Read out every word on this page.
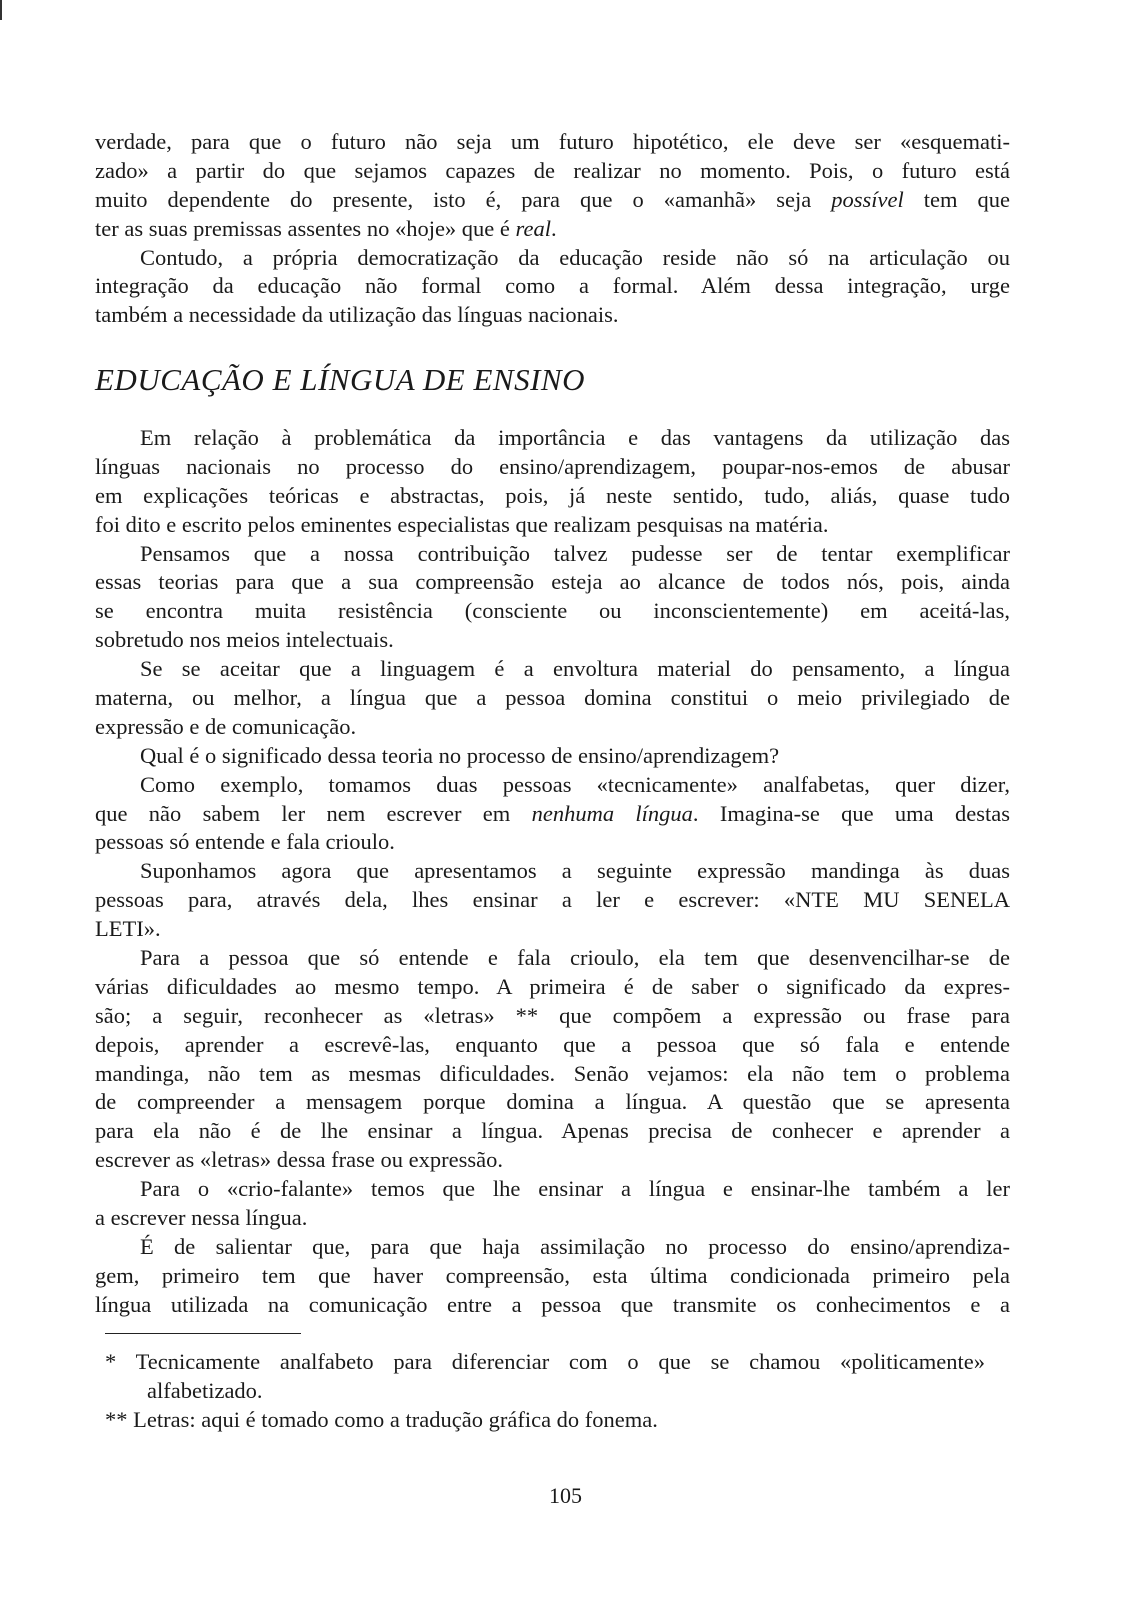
verdade, para que o futuro não seja um futuro hipotético, ele deve ser «esquemati-
zado» a partir do que sejamos capazes de realizar no momento. Pois, o futuro está
muito dependente do presente, isto é, para que o «amanhã» seja possível tem que
ter as suas premissas assentes no «hoje» que é real.
Contudo, a própria democratização da educação reside não só na articulação ou
integração da educação não formal como a formal. Além dessa integração, urge
também a necessidade da utilização das línguas nacionais.
EDUCAÇÃO E LÍNGUA DE ENSINO
Em relação à problemática da importância e das vantagens da utilização das
línguas nacionais no processo do ensino/aprendizagem, poupar-nos-emos de abusar
em explicações teóricas e abstractas, pois, já neste sentido, tudo, aliás, quase tudo
foi dito e escrito pelos eminentes especialistas que realizam pesquisas na matéria.
Pensamos que a nossa contribuição talvez pudesse ser de tentar exemplificar
essas teorias para que a sua compreensão esteja ao alcance de todos nós, pois, ainda
se encontra muita resistência (consciente ou inconscientemente) em aceitá-las,
sobretudo nos meios intelectuais.
Se se aceitar que a linguagem é a envoltura material do pensamento, a língua
materna, ou melhor, a língua que a pessoa domina constitui o meio privilegiado de
expressão e de comunicação.
Qual é o significado dessa teoria no processo de ensino/aprendizagem?
Como exemplo, tomamos duas pessoas «tecnicamente» analfabetas, quer dizer,
que não sabem ler nem escrever em nenhuma língua. Imagina-se que uma destas
pessoas só entende e fala crioulo.
Suponhamos agora que apresentamos a seguinte expressão mandinga às duas
pessoas para, através dela, lhes ensinar a ler e escrever: «NTE MU SENELA
LETI».
Para a pessoa que só entende e fala crioulo, ela tem que desenvencilhar-se de
várias dificuldades ao mesmo tempo. A primeira é de saber o significado da expres-
são; a seguir, reconhecer as «letras» ** que compõem a expressão ou frase para
depois, aprender a escrevê-las, enquanto que a pessoa que só fala e entende
mandinga, não tem as mesmas dificuldades. Senão vejamos: ela não tem o problema
de compreender a mensagem porque domina a língua. A questão que se apresenta
para ela não é de lhe ensinar a língua. Apenas precisa de conhecer e aprender a
escrever as «letras» dessa frase ou expressão.
Para o «crio-falante» temos que lhe ensinar a língua e ensinar-lhe também a ler
a escrever nessa língua.
É de salientar que, para que haja assimilação no processo do ensino/aprendiza-
gem, primeiro tem que haver compreensão, esta última condicionada primeiro pela
língua utilizada na comunicação entre a pessoa que transmite os conhecimentos e a
* Tecnicamente analfabeto para diferenciar com o que se chamou «politicamente»
alfabetizado.
** Letras: aqui é tomado como a tradução gráfica do fonema.
105
